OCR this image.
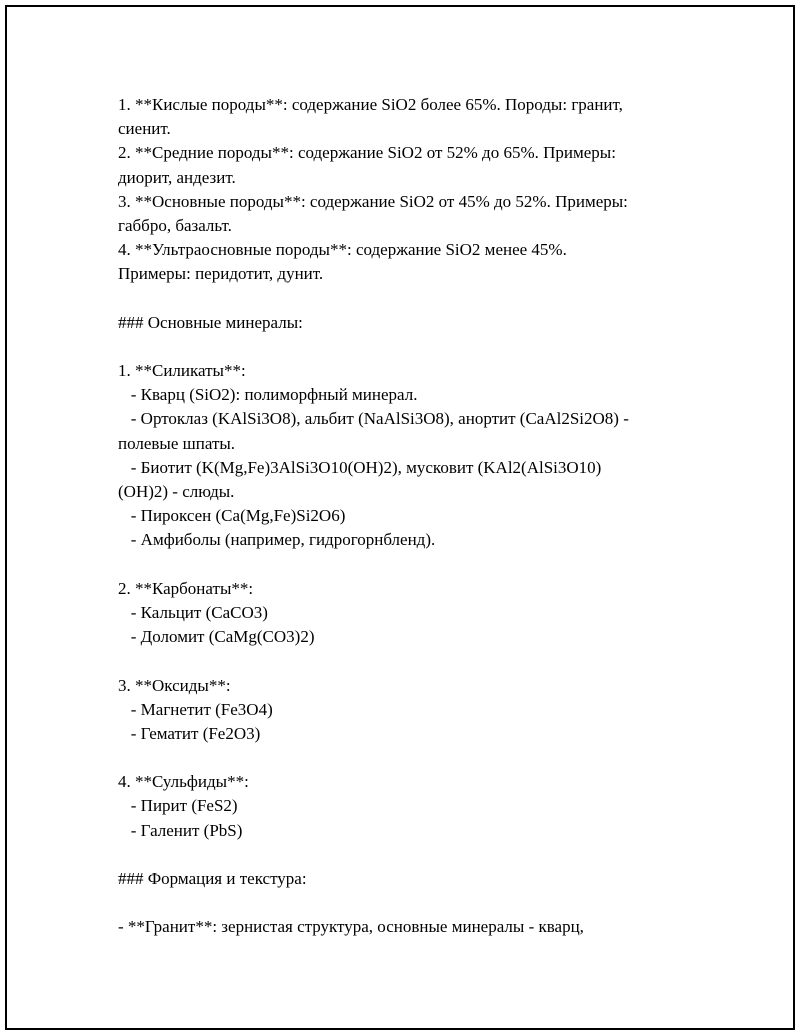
1. **Кислые породы**: содержание SiO2 более 65%. Породы: гранит,
сиенит.
2. **Средние породы**: содержание SiO2 от 52% до 65%. Примеры:
диорит, андезит.
3. **Основные породы**: содержание SiO2 от 45% до 52%. Примеры:
габбро, базальт.
4. **Ультраосновные породы**: содержание SiO2 менее 45%.
Примеры: перидотит, дунит.
### Основные минералы:
1. **Силикаты**:
- Кварц (SiO2): полиморфный минерал.
- Ортоклаз (KAlSi3O8), альбит (NaAlSi3O8), анортит (CaAl2Si2O8) -
полевые шпаты.
- Биотит (K(Mg,Fe)3AlSi3O10(OH)2), мусковит (KAl2(AlSi3O10)
(OH)2) - слюды.
- Пироксен (Ca(Mg,Fe)Si2O6)
- Амфиболы (например, гидрогорнбленд).
2. **Карбонаты**:
- Кальцит (CaCO3)
- Доломит (CaMg(CO3)2)
3. **Оксиды**:
- Магнетит (Fe3O4)
- Гематит (Fe2O3)
4. **Сульфиды**:
- Пирит (FeS2)
- Галенит (PbS)
### Формация и текстура:
- **Гранит**: зернистая структура, основные минералы - кварц,
